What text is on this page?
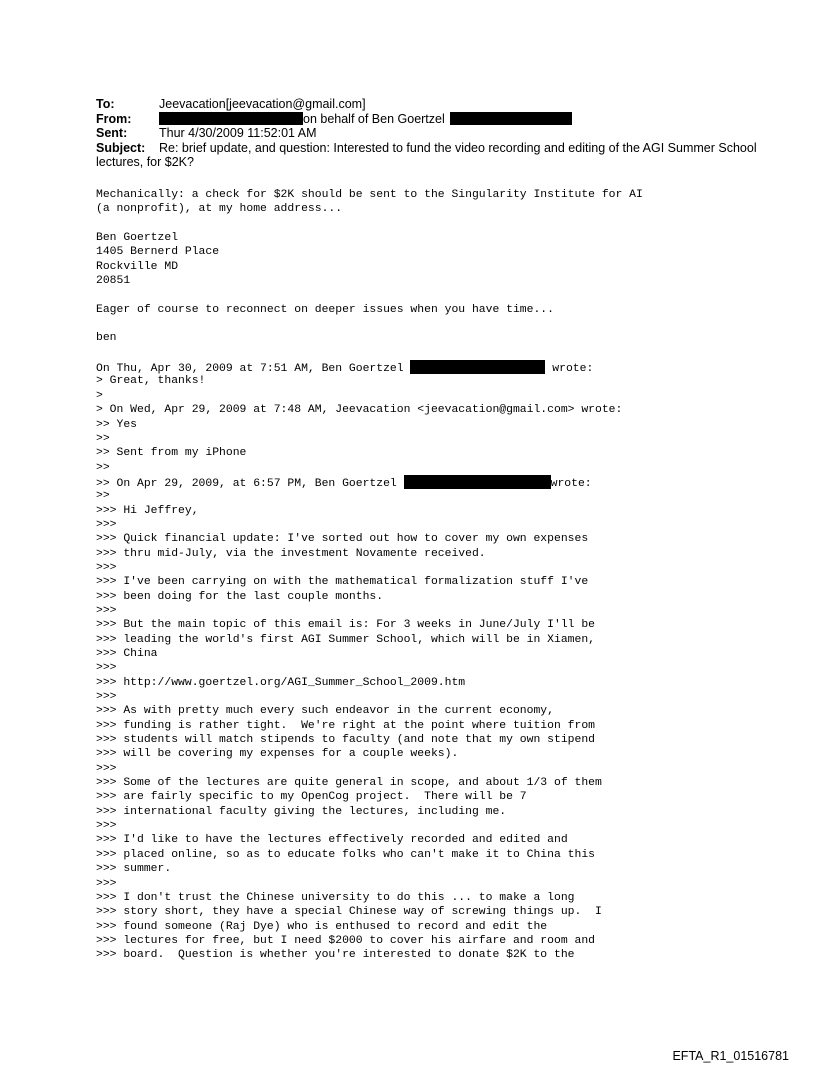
To:	Jeevacation[jeevacation@gmail.com]
From:	on behalf of Ben Goertzel
Sent:	Thur 4/30/2009 11:52:01 AM
Subject: Re: brief update, and question: Interested to fund the video recording and editing of the AGI Summer School lectures, for $2K?
Mechanically: a check for $2K should be sent to the Singularity Institute for AI
(a nonprofit), at my home address...
Ben Goertzel
1405 Bernerd Place
Rockville MD
20851
Eager of course to reconnect on deeper issues when you have time...
ben
On Thu, Apr 30, 2009 at 7:51 AM, Ben Goertzel	wrote:
> Great, thanks!
>
> On Wed, Apr 29, 2009 at 7:48 AM, Jeevacation <jeevacation@gmail.com> wrote:
>> Yes
>>
>> Sent from my iPhone
>>
>> On Apr 29, 2009, at 6:57 PM, Ben Goertzel	wrote:
>>
>>> Hi Jeffrey,
>>>
>>> Quick financial update: I've sorted out how to cover my own expenses
>>> thru mid-July, via the investment Novamente received.
>>>
>>> I've been carrying on with the mathematical formalization stuff I've
>>> been doing for the last couple months.
>>>
>>> But the main topic of this email is: For 3 weeks in June/July I'll be
>>> leading the world's first AGI Summer School, which will be in Xiamen,
>>> China
>>>
>>> http://www.goertzel.org/AGI_Summer_School_2009.htm
>>>
>>> As with pretty much every such endeavor in the current economy,
>>> funding is rather tight.  We're right at the point where tuition from
>>> students will match stipends to faculty (and note that my own stipend
>>> will be covering my expenses for a couple weeks).
>>>
>>> Some of the lectures are quite general in scope, and about 1/3 of them
>>> are fairly specific to my OpenCog project.  There will be 7
>>> international faculty giving the lectures, including me.
>>>
>>> I'd like to have the lectures effectively recorded and edited and
>>> placed online, so as to educate folks who can't make it to China this
>>> summer.
>>>
>>> I don't trust the Chinese university to do this ... to make a long
>>> story short, they have a special Chinese way of screwing things up.  I
>>> found someone (Raj Dye) who is enthused to record and edit the
>>> lectures for free, but I need $2000 to cover his airfare and room and
>>> board.  Question is whether you're interested to donate $2K to the
EFTA_R1_01516781
